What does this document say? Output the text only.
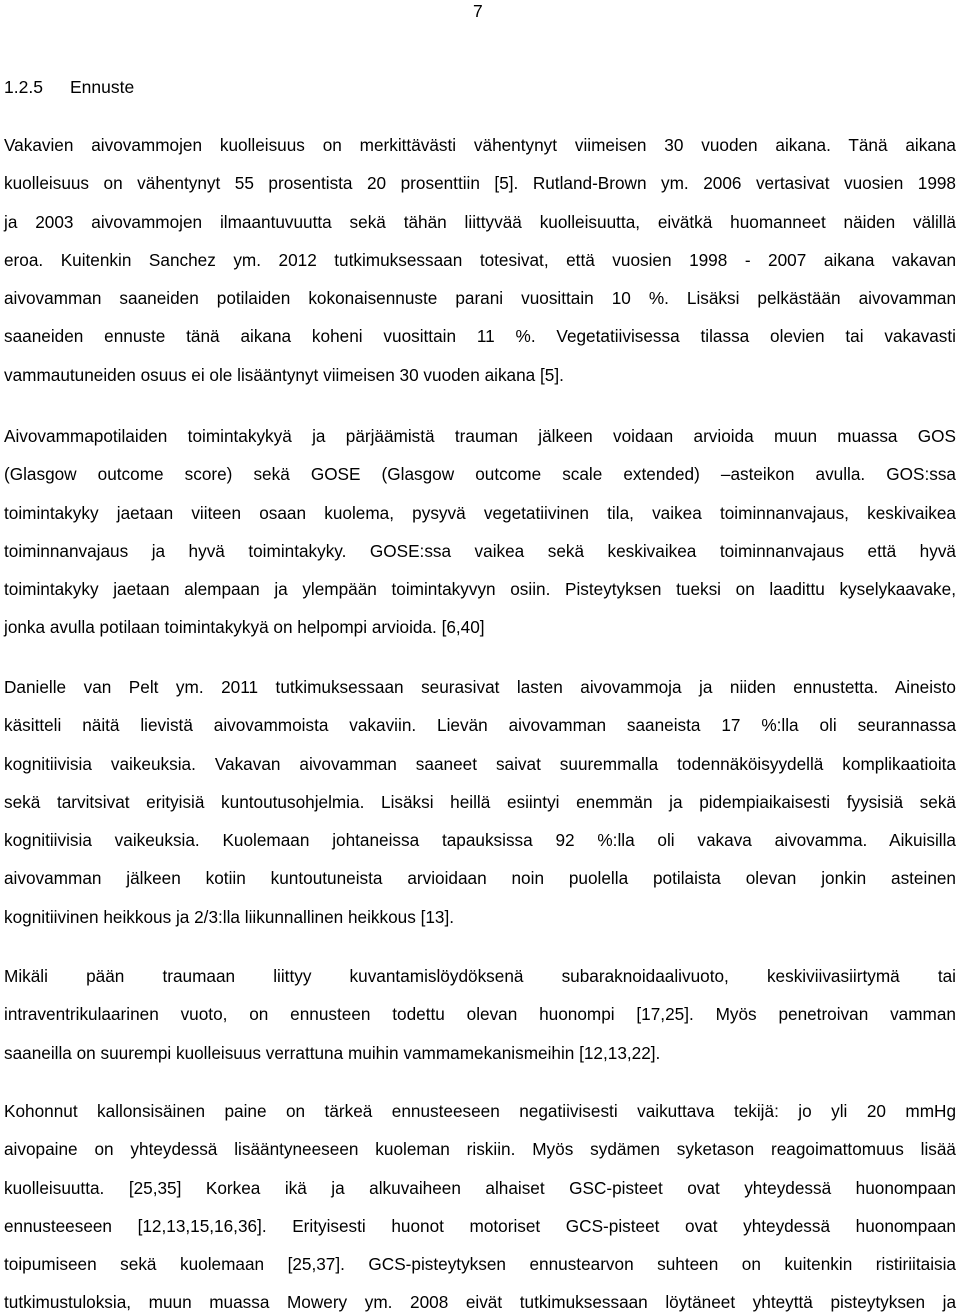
7
1.2.5 Ennuste
Vakavien aivovammojen kuolleisuus on merkittävästi vähentynyt viimeisen 30 vuoden aikana. Tänä aikana
kuolleisuus on vähentynyt 55 prosentista 20 prosenttiin [5]. Rutland-Brown ym. 2006 vertasivat vuosien 1998
ja 2003 aivovammojen ilmaantuvuutta sekä tähän liittyvää kuolleisuutta, eivätkä huomanneet näiden välillä
eroa. Kuitenkin Sanchez ym. 2012 tutkimuksessaan totesivat, että vuosien 1998 - 2007 aikana vakavan
aivovamman saaneiden potilaiden kokonaisennuste parani vuosittain 10 %. Lisäksi pelkästään aivovamman
saaneiden ennuste tänä aikana koheni vuosittain 11 %. Vegetatiivisessa tilassa olevien tai vakavasti
vammautuneiden osuus ei ole lisääntynyt viimeisen 30 vuoden aikana [5].
Aivovammapotilaiden toimintakykyä ja pärjäämistä trauman jälkeen voidaan arvioida muun muassa GOS
(Glasgow outcome score) sekä GOSE (Glasgow outcome scale extended) –asteikon avulla. GOS:ssa
toimintakyky jaetaan viiteen osaan kuolema, pysyvä vegetatiivinen tila, vaikea toiminnanvajaus, keskivaikea
toiminnanvajaus ja hyvä toimintakyky. GOSE:ssa vaikea sekä keskivaikea toiminnanvajaus että hyvä
toimintakyky jaetaan alempaan ja ylempään toimintakyvyn osiin. Pisteytyksen tueksi on laadittu kyselykaavake,
jonka avulla potilaan toimintakykyä on helpompi arvioida. [6,40]
Danielle van Pelt ym. 2011 tutkimuksessaan seurasivat lasten aivovammoja ja niiden ennustetta. Aineisto
käsitteli näitä lievistä aivovammoista vakaviin. Lievän aivovamman saaneista 17 %:lla oli seurannassa
kognitiivisia vaikeuksia. Vakavan aivovamman saaneet saivat suuremmalla todennäköisyydellä komplikaatioita
sekä tarvitsivat erityisiä kuntoutusohjelmia. Lisäksi heillä esiintyi enemmän ja pidempiaikaisesti fyysisiä sekä
kognitiivisia vaikeuksia. Kuolemaan johtaneissa tapauksissa 92 %:lla oli vakava aivovamma. Aikuisilla
aivovamman jälkeen kotiin kuntoutuneista arvioidaan noin puolella potilaista olevan jonkin asteinen
kognitiivinen heikkous ja 2/3:lla liikunnallinen heikkous [13].
Mikäli pään traumaan liittyy kuvantamislöydöksenä subaraknoidaalivuoto, keskiviivasiirtymä tai
intraventrikulaarinen vuoto, on ennusteen todettu olevan huonompi [17,25]. Myös penetroivan vamman
saaneilla on suurempi kuolleisuus verrattuna muihin vammamekanismeihin [12,13,22].
Kohonnut kallonsisäinen paine on tärkeä ennusteeseen negatiivisesti vaikuttava tekijä: jo yli 20 mmHg
aivopaine on yhteydessä lisääntyneeseen kuoleman riskiin. Myös sydämen syketason reagoimattomuus lisää
kuolleisuutta. [25,35] Korkea ikä ja alkuvaiheen alhaiset GSC-pisteet ovat yhteydessä huonompaan
ennusteeseen [12,13,15,16,36]. Erityisesti huonot motoriset GCS-pisteet ovat yhteydessä huonompaan
toipumiseen sekä kuolemaan [25,37]. GCS-pisteytyksen ennustearvon suhteen on kuitenkin ristiriitaisia
tutkimustuloksia, muun muassa Mowery ym. 2008 eivät tutkimuksessaan löytäneet yhteyttä pisteytyksen ja
